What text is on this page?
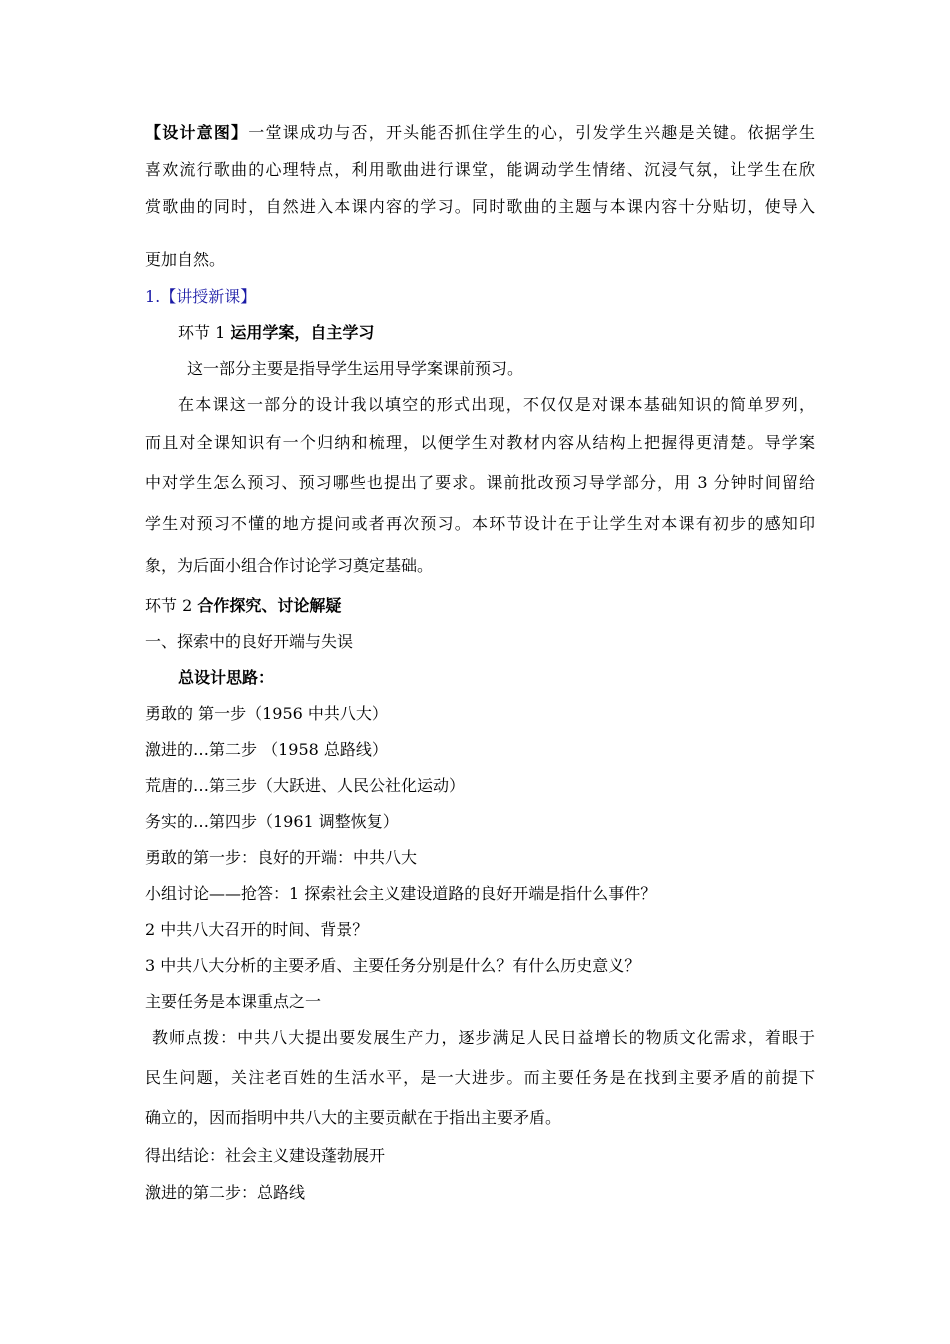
【设计意图】一堂课成功与否，开头能否抓住学生的心，引发学生兴趣是关键。依据学生
喜欢流行歌曲的心理特点，利用歌曲进行课堂，能调动学生情绪、沉浸气氛，让学生在欣
赏歌曲的同时，自然进入本课内容的学习。同时歌曲的主题与本课内容十分贴切，使导入
更加自然。
1.【讲授新课】
环节 1 运用学案，自主学习
这一部分主要是指导学生运用导学案课前预习。
在本课这一部分的设计我以填空的形式出现，不仅仅是对课本基础知识的简单罗列，
而且对全课知识有一个归纳和梳理，以便学生对教材内容从结构上把握得更清楚。导学案
中对学生怎么预习、预习哪些也提出了要求。课前批改预习导学部分，用 3 分钟时间留给
学生对预习不懂的地方提问或者再次预习。本环节设计在于让学生对本课有初步的感知印
象，为后面小组合作讨论学习奠定基础。
环节 2 合作探究、讨论解疑
一、探索中的良好开端与失误
总设计思路：
勇敢的 第一步（1956 中共八大）
激进的…第二步 （1958 总路线）
荒唐的…第三步（大跃进、人民公社化运动）
务实的…第四步（1961 调整恢复）
勇敢的第一步：良好的开端：中共八大
小组讨论——抢答：1 探索社会主义建设道路的良好开端是指什么事件？
2 中共八大召开的时间、背景？
3 中共八大分析的主要矛盾、主要任务分别是什么？有什么历史意义？
主要任务是本课重点之一
教师点拨：中共八大提出要发展生产力，逐步满足人民日益增长的物质文化需求，着眼于
民生问题，关注老百姓的生活水平，是一大进步。而主要任务是在找到主要矛盾的前提下
确立的，因而指明中共八大的主要贡献在于指出主要矛盾。
得出结论：社会主义建设蓬勃展开
激进的第二步：总路线
